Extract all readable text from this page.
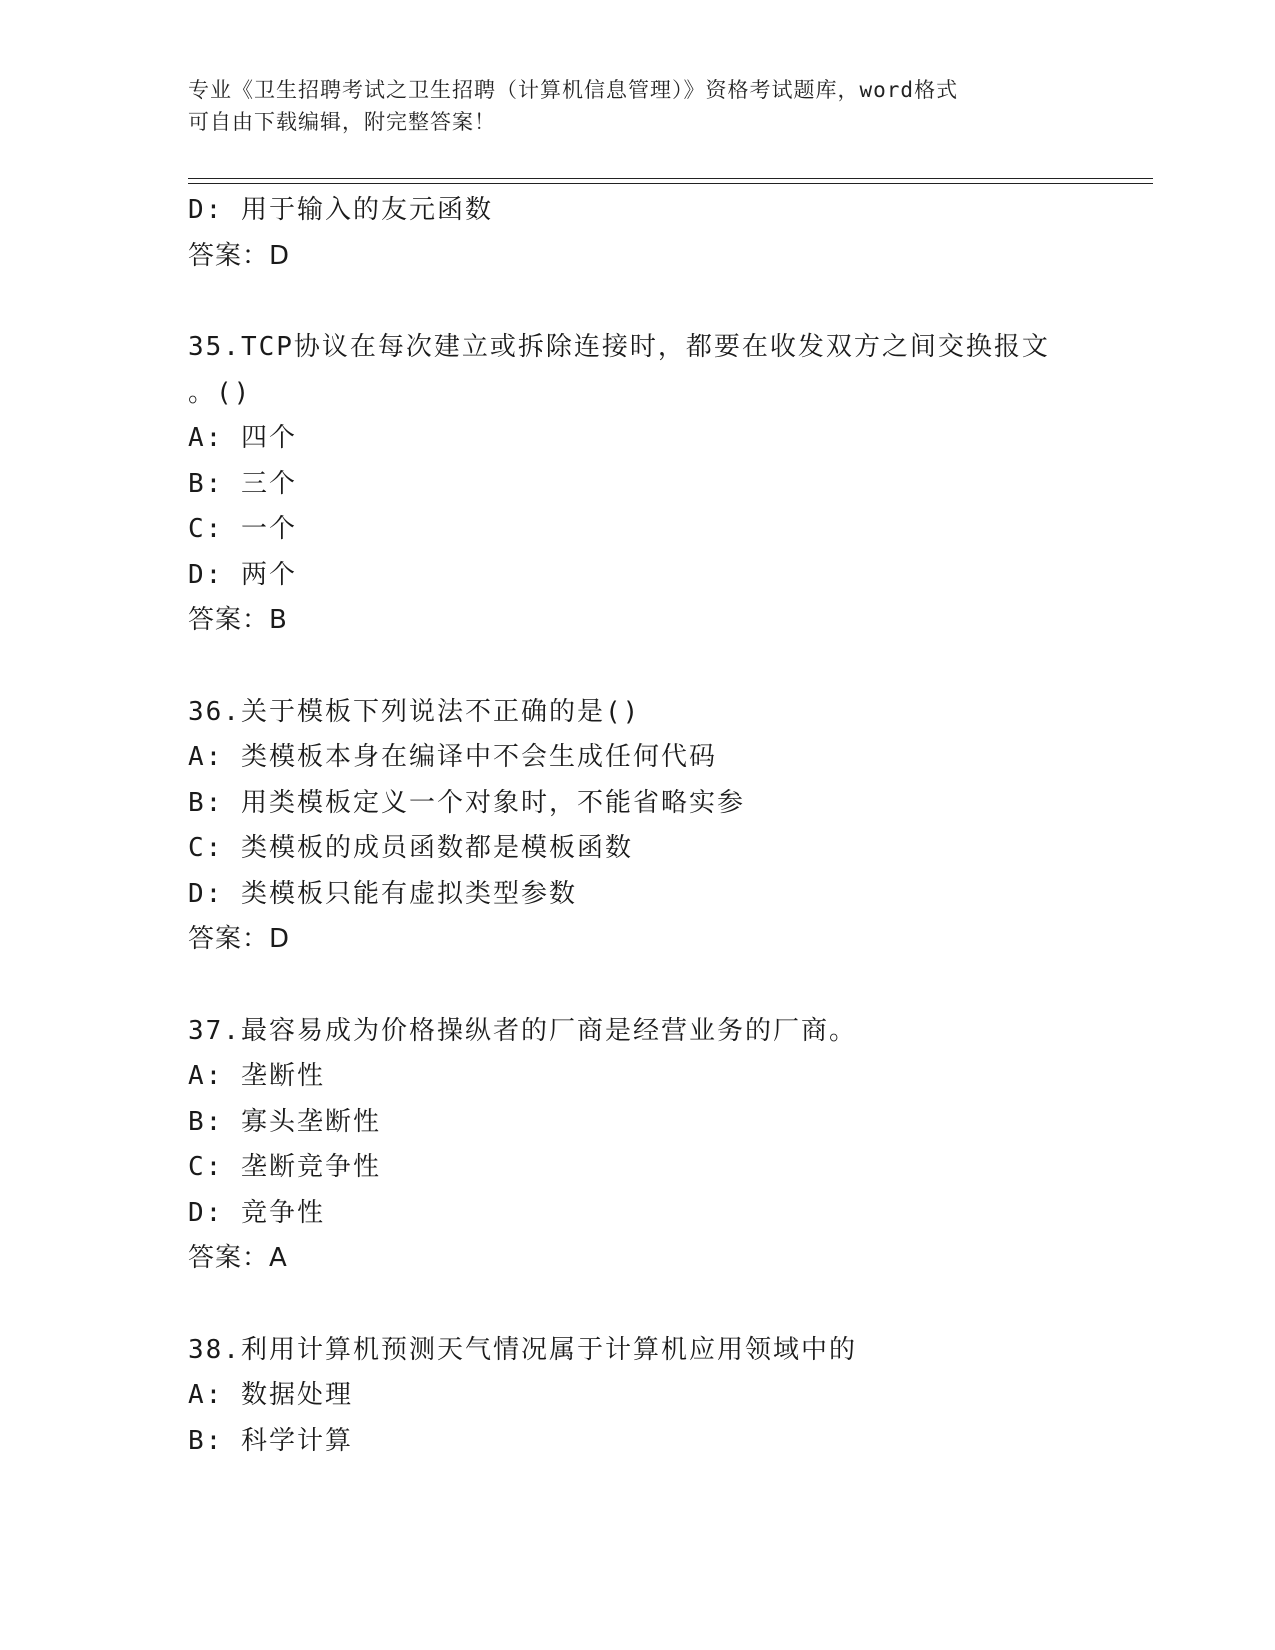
专业《卫生招聘考试之卫生招聘（计算机信息管理）》资格考试题库，word格式
可自由下载编辑，附完整答案！
D: 用于输入的友元函数
答案：D
35.TCP协议在每次建立或拆除连接时，都要在收发双方之间交换报文
。()
A: 四个
B: 三个
C: 一个
D: 两个
答案：B
36.关于模板下列说法不正确的是()
A: 类模板本身在编译中不会生成任何代码
B: 用类模板定义一个对象时，不能省略实参
C: 类模板的成员函数都是模板函数
D: 类模板只能有虚拟类型参数
答案：D
37.最容易成为价格操纵者的厂商是经营业务的厂商。
A: 垄断性
B: 寡头垄断性
C: 垄断竞争性
D: 竞争性
答案：A
38.利用计算机预测天气情况属于计算机应用领域中的
A: 数据处理
B: 科学计算
